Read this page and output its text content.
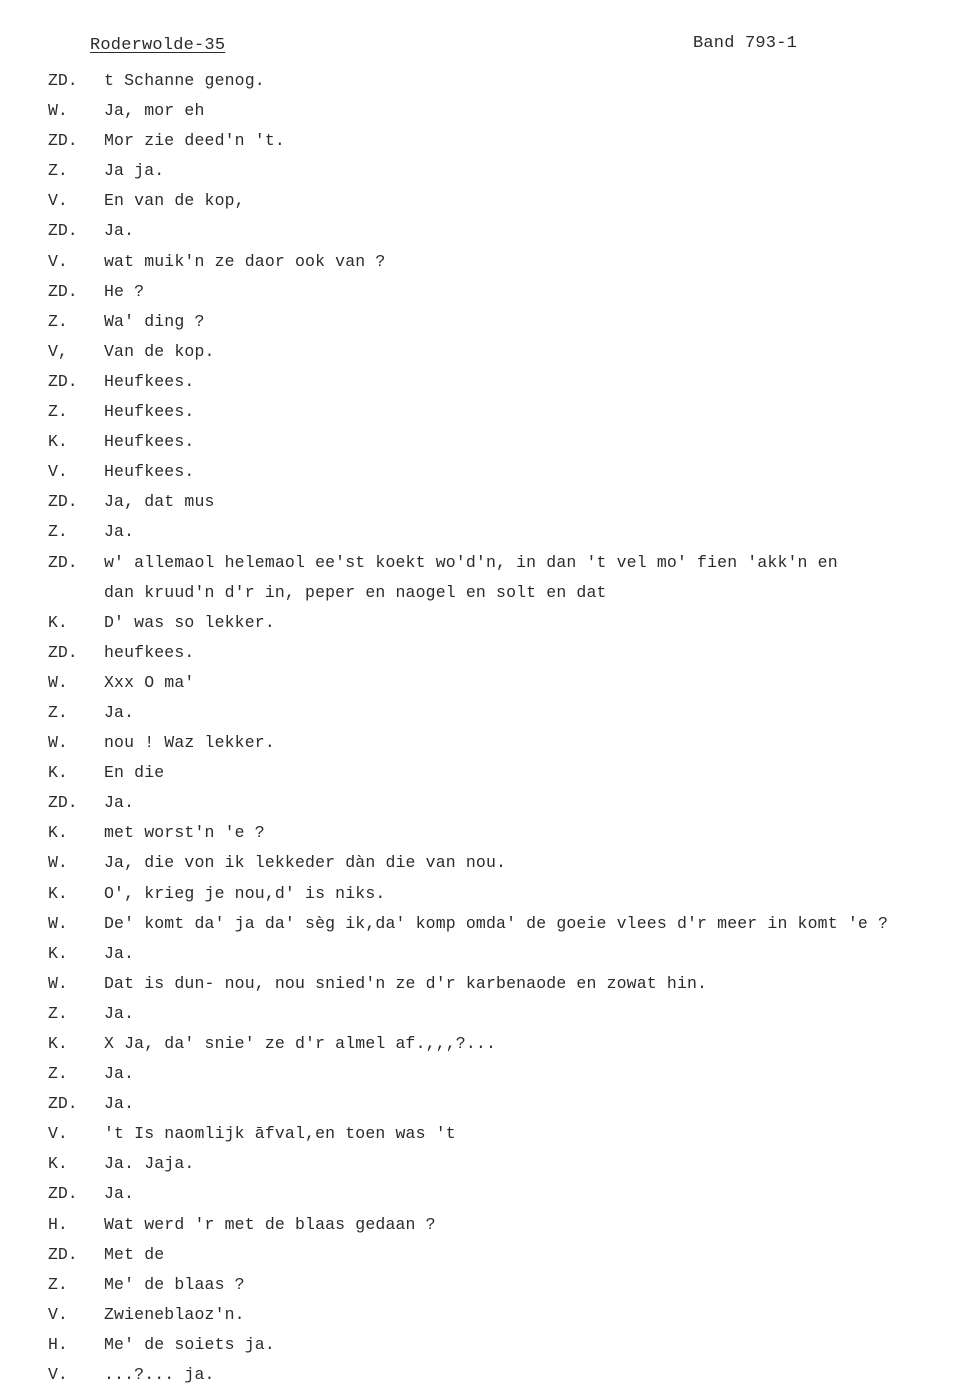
Roderwolde-35	Band 793-1
ZD.	t Schanne genog.
W.	Ja, mor eh
ZD.	Mor zie deed'n 't.
Z.	Ja ja.
V.	En van de kop,
ZD.	Ja.
V.	wat muik'n ze daor ook van ?
ZD.	He ?
Z.	Wa' ding ?
V,	Van de kop.
ZD.	Heufkees.
Z.	Heufkees.
K.	Heufkees.
V.	Heufkees.
ZD.	Ja, dat mus
Z.	Ja.
ZD.	w' allemaol helemaol ee'st koekt wo'd'n, in dan 't vel mo' fien 'akk'n en
dan kruud'n d'r in, peper en naogel en solt en dat
K.	D' was so lekker.
ZD.	heufkees.
W.	Xxx O ma'
Z.	Ja.
W.	nou ! Waz lekker.
K.	En die
ZD.	Ja.
K.	met worst'n 'e ?
W.	Ja, die von ik lekkeder dàn die van nou.
K.	O', krieg je nou,d' is niks.
W.	De' komt da' ja da' sèg ik,da' komp omda' de goeie vlees d'r meer in komt 'e ?
K.	Ja.
W.	Dat is dun- nou, nou snied'n ze d'r karbenaode en zowat hin.
Z.	Ja.
K.	X Ja, da' snie' ze d'r almel af.,,,?...
Z.	Ja.
ZD.	Ja.
V.	't Is naomlijk āfval,en toen was 't
K.	Ja. Jaja.
ZD.	Ja.
H.	Wat werd 'r met de blaas gedaan ?
ZD.	Met de
Z.	Me' de blaas ?
V.	Zwieneblaoz'n.
H.	Me' de soiets ja.
V.	...?... ja.
